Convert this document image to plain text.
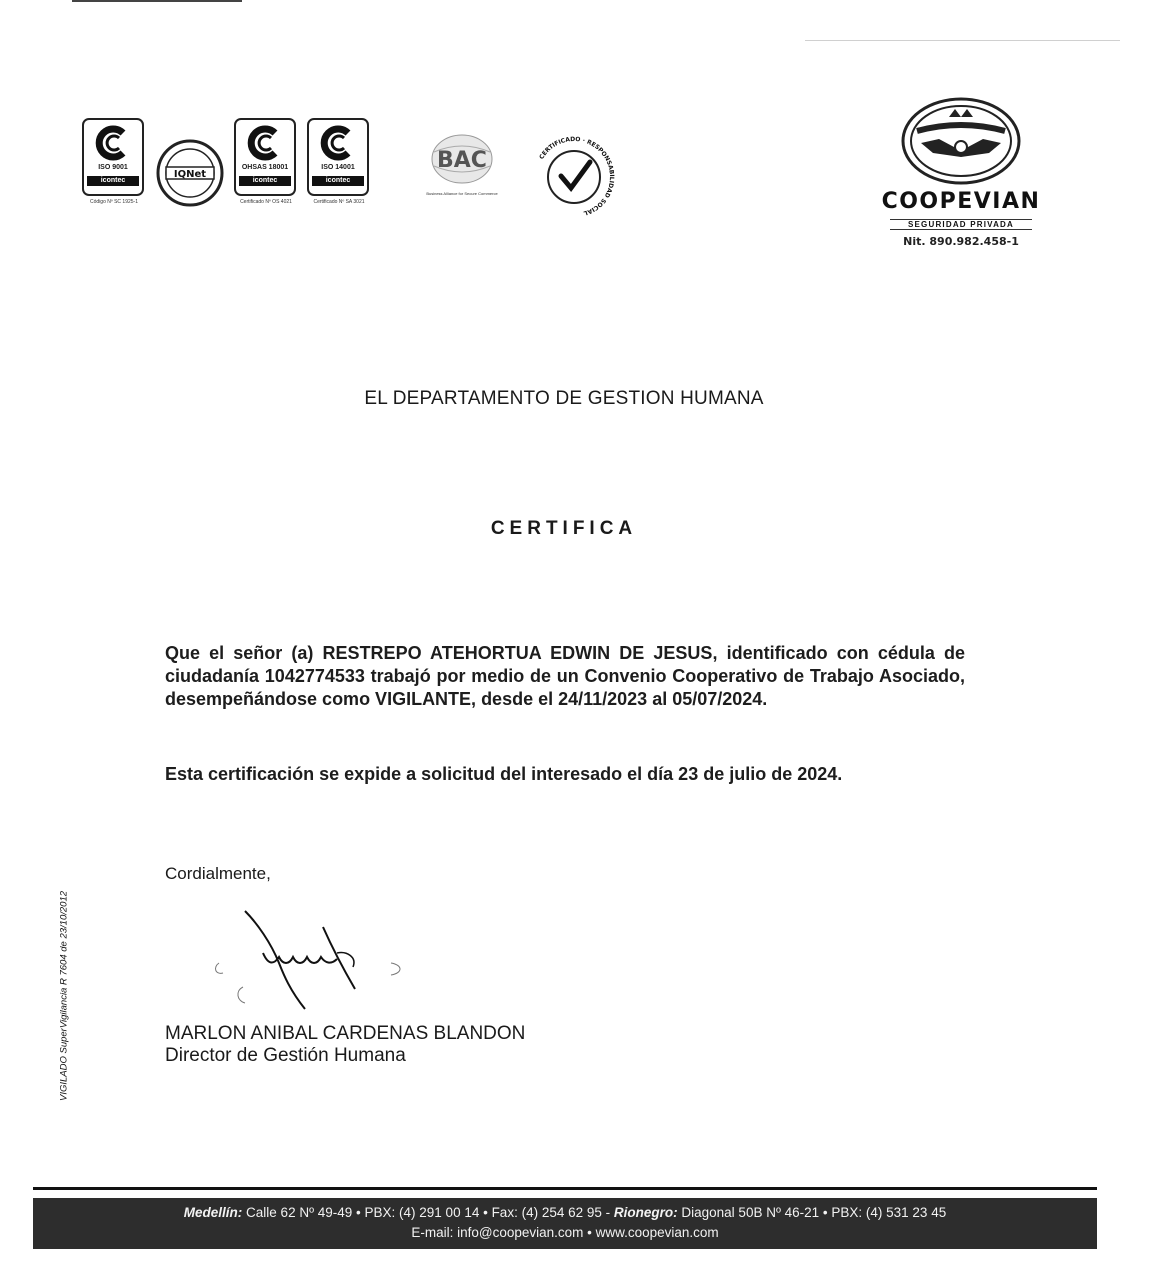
ISO 9001
icontec
Código Nº SC 1925-1
IQNet
OHSAS 18001
icontec
Certificado Nº OS 4021
ISO 14001
icontec
Certificado Nº SA 3021
BAC
Business Alliance for Secure Commerce
CERTIFICADO · RESPONSABILIDAD SOCIAL	COOPEVIAN
SEGURIDAD PRIVADA
Nit. 890.982.458-1
EL DEPARTAMENTO DE GESTION HUMANA
CERTIFICA
Que el señor (a) RESTREPO ATEHORTUA EDWIN DE JESUS, identificado con cédula de ciudadanía 1042774533 trabajó por medio de un Convenio Cooperativo de Trabajo Asociado, desempeñándose como VIGILANTE, desde el 24/11/2023 al 05/07/2024.
Esta certificación se expide a solicitud del interesado el día 23 de julio de 2024.
Cordialmente,
MARLON ANIBAL CARDENAS BLANDON
Director de Gestión Humana
VIGILADO SuperVigilancia R 7604 de 23/10/2012
Medellín: Calle 62 Nº 49-49 • PBX: (4) 291 00 14 • Fax: (4) 254 62 95 - Rionegro: Diagonal 50B Nº 46-21 • PBX: (4) 531 23 45
E-mail: info@coopevian.com • www.coopevian.com
